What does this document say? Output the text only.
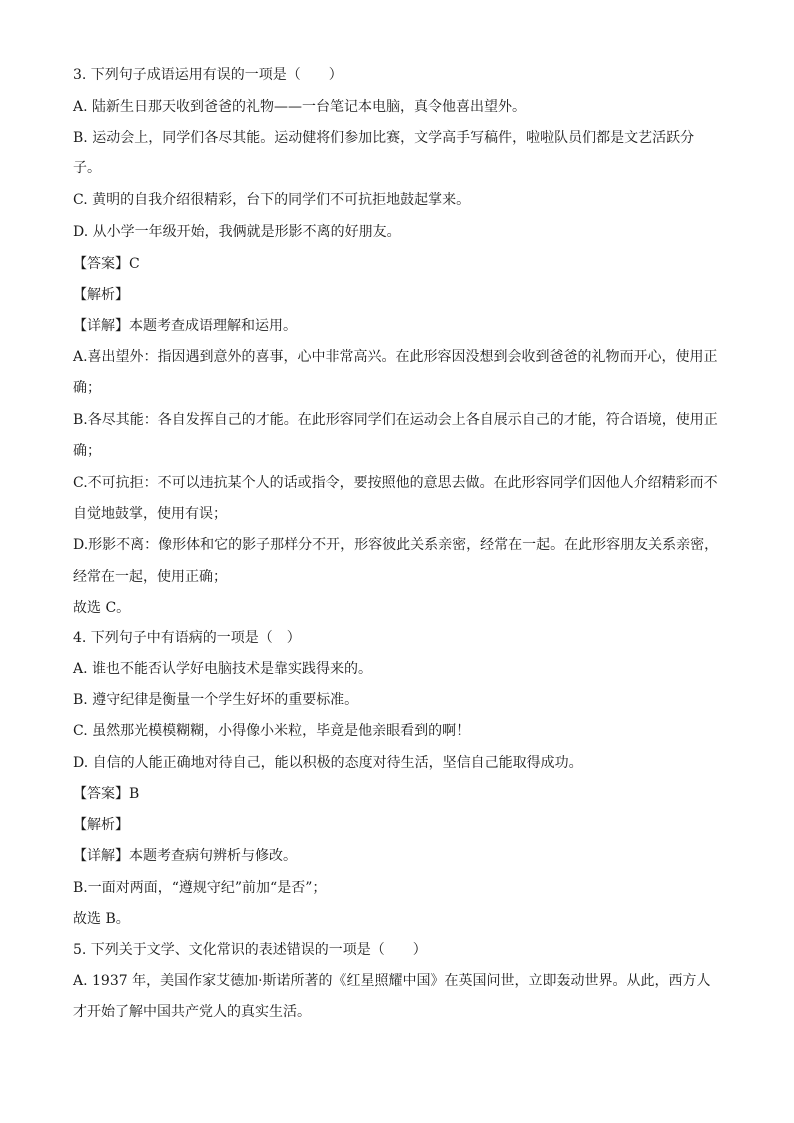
3. 下列句子成语运用有误的一项是（　　）
A. 陆新生日那天收到爸爸的礼物——一台笔记本电脑，真令他喜出望外。
B. 运动会上，同学们各尽其能。运动健将们参加比赛，文学高手写稿件，啦啦队员们都是文艺活跃分
子。
C. 黄明的自我介绍很精彩，台下的同学们不可抗拒地鼓起掌来。
D. 从小学一年级开始，我俩就是形影不离的好朋友。
【答案】C
【解析】
【详解】本题考查成语理解和运用。
A.喜出望外：指因遇到意外的喜事，心中非常高兴。在此形容因没想到会收到爸爸的礼物而开心，使用正
确；
B.各尽其能：各自发挥自己的才能。在此形容同学们在运动会上各自展示自己的才能，符合语境，使用正
确；
C.不可抗拒：不可以违抗某个人的话或指令，要按照他的意思去做。在此形容同学们因他人介绍精彩而不
自觉地鼓掌，使用有误；
D.形影不离：像形体和它的影子那样分不开，形容彼此关系亲密，经常在一起。在此形容朋友关系亲密，
经常在一起，使用正确；
故选 C。
4. 下列句子中有语病的一项是（　）
A. 谁也不能否认学好电脑技术是靠实践得来的。
B. 遵守纪律是衡量一个学生好坏的重要标准。
C. 虽然那光模模糊糊，小得像小米粒，毕竟是他亲眼看到的啊！
D. 自信的人能正确地对待自己，能以积极的态度对待生活，坚信自己能取得成功。
【答案】B
【解析】
【详解】本题考查病句辨析与修改。
B.一面对两面，“遵规守纪”前加“是否”；
故选 B。
5. 下列关于文学、文化常识的表述错误的一项是（　　）
A. 1937 年，美国作家艾德加·斯诺所著的《红星照耀中国》在英国问世，立即轰动世界。从此，西方人
才开始了解中国共产党人的真实生活。
